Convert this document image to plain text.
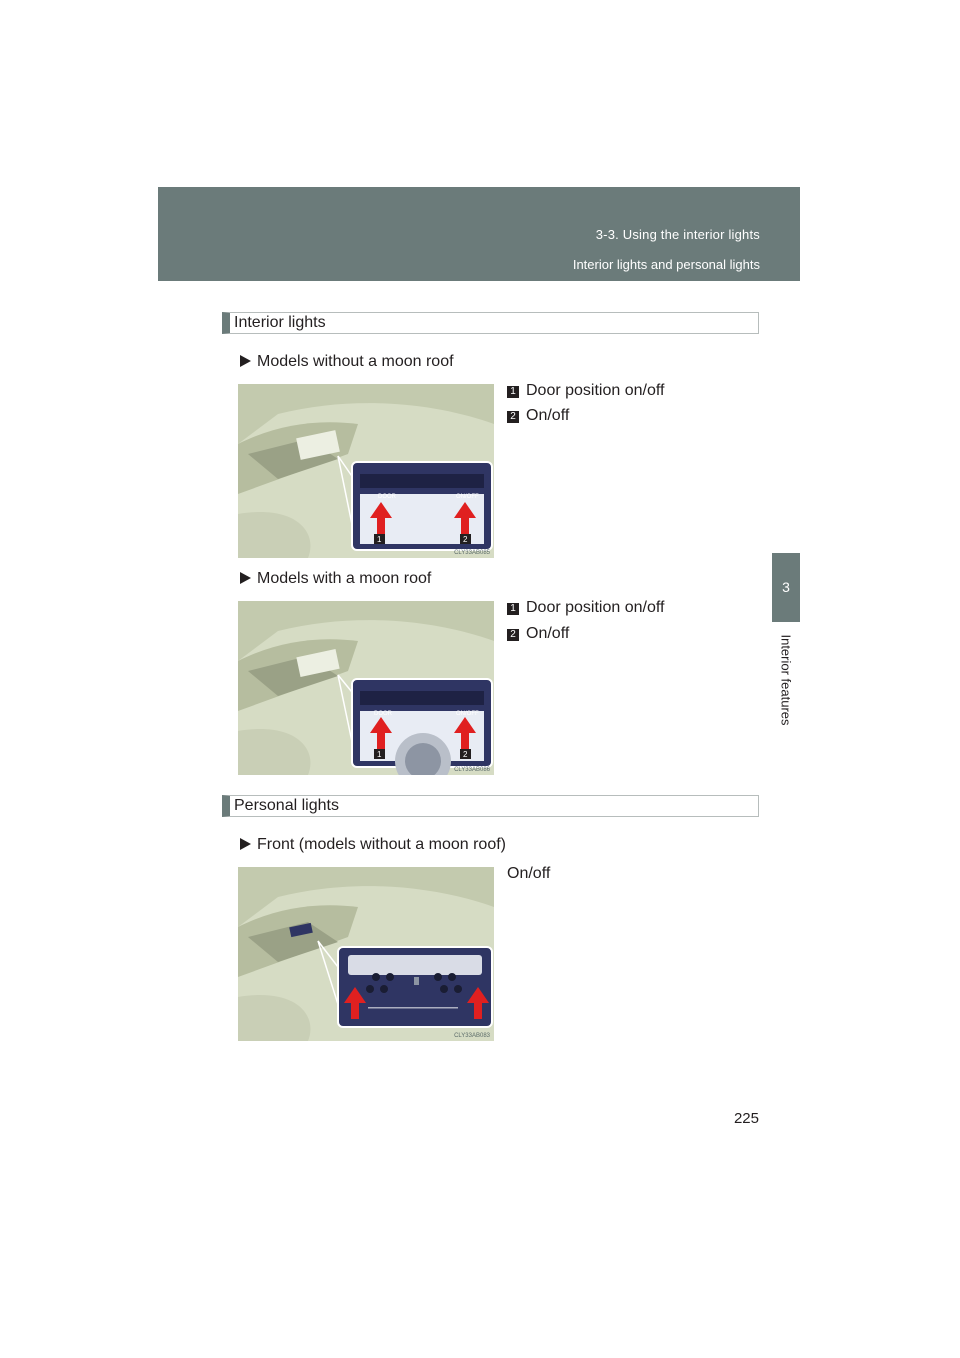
3-3. Using the interior lights
Interior lights and personal lights
3
Interior features
Interior lights
Models without a moon roof
1 Door position on/off
2 On/off
DOOR	ON/OFF
1	2
CLY33AB085
Models with a moon roof
1 Door position on/off
2 On/off
DOOR	ON/OFF
1	2
CLY33AB086
Personal lights
Front (models without a moon roof)
On/off
CLY33AB083
225
